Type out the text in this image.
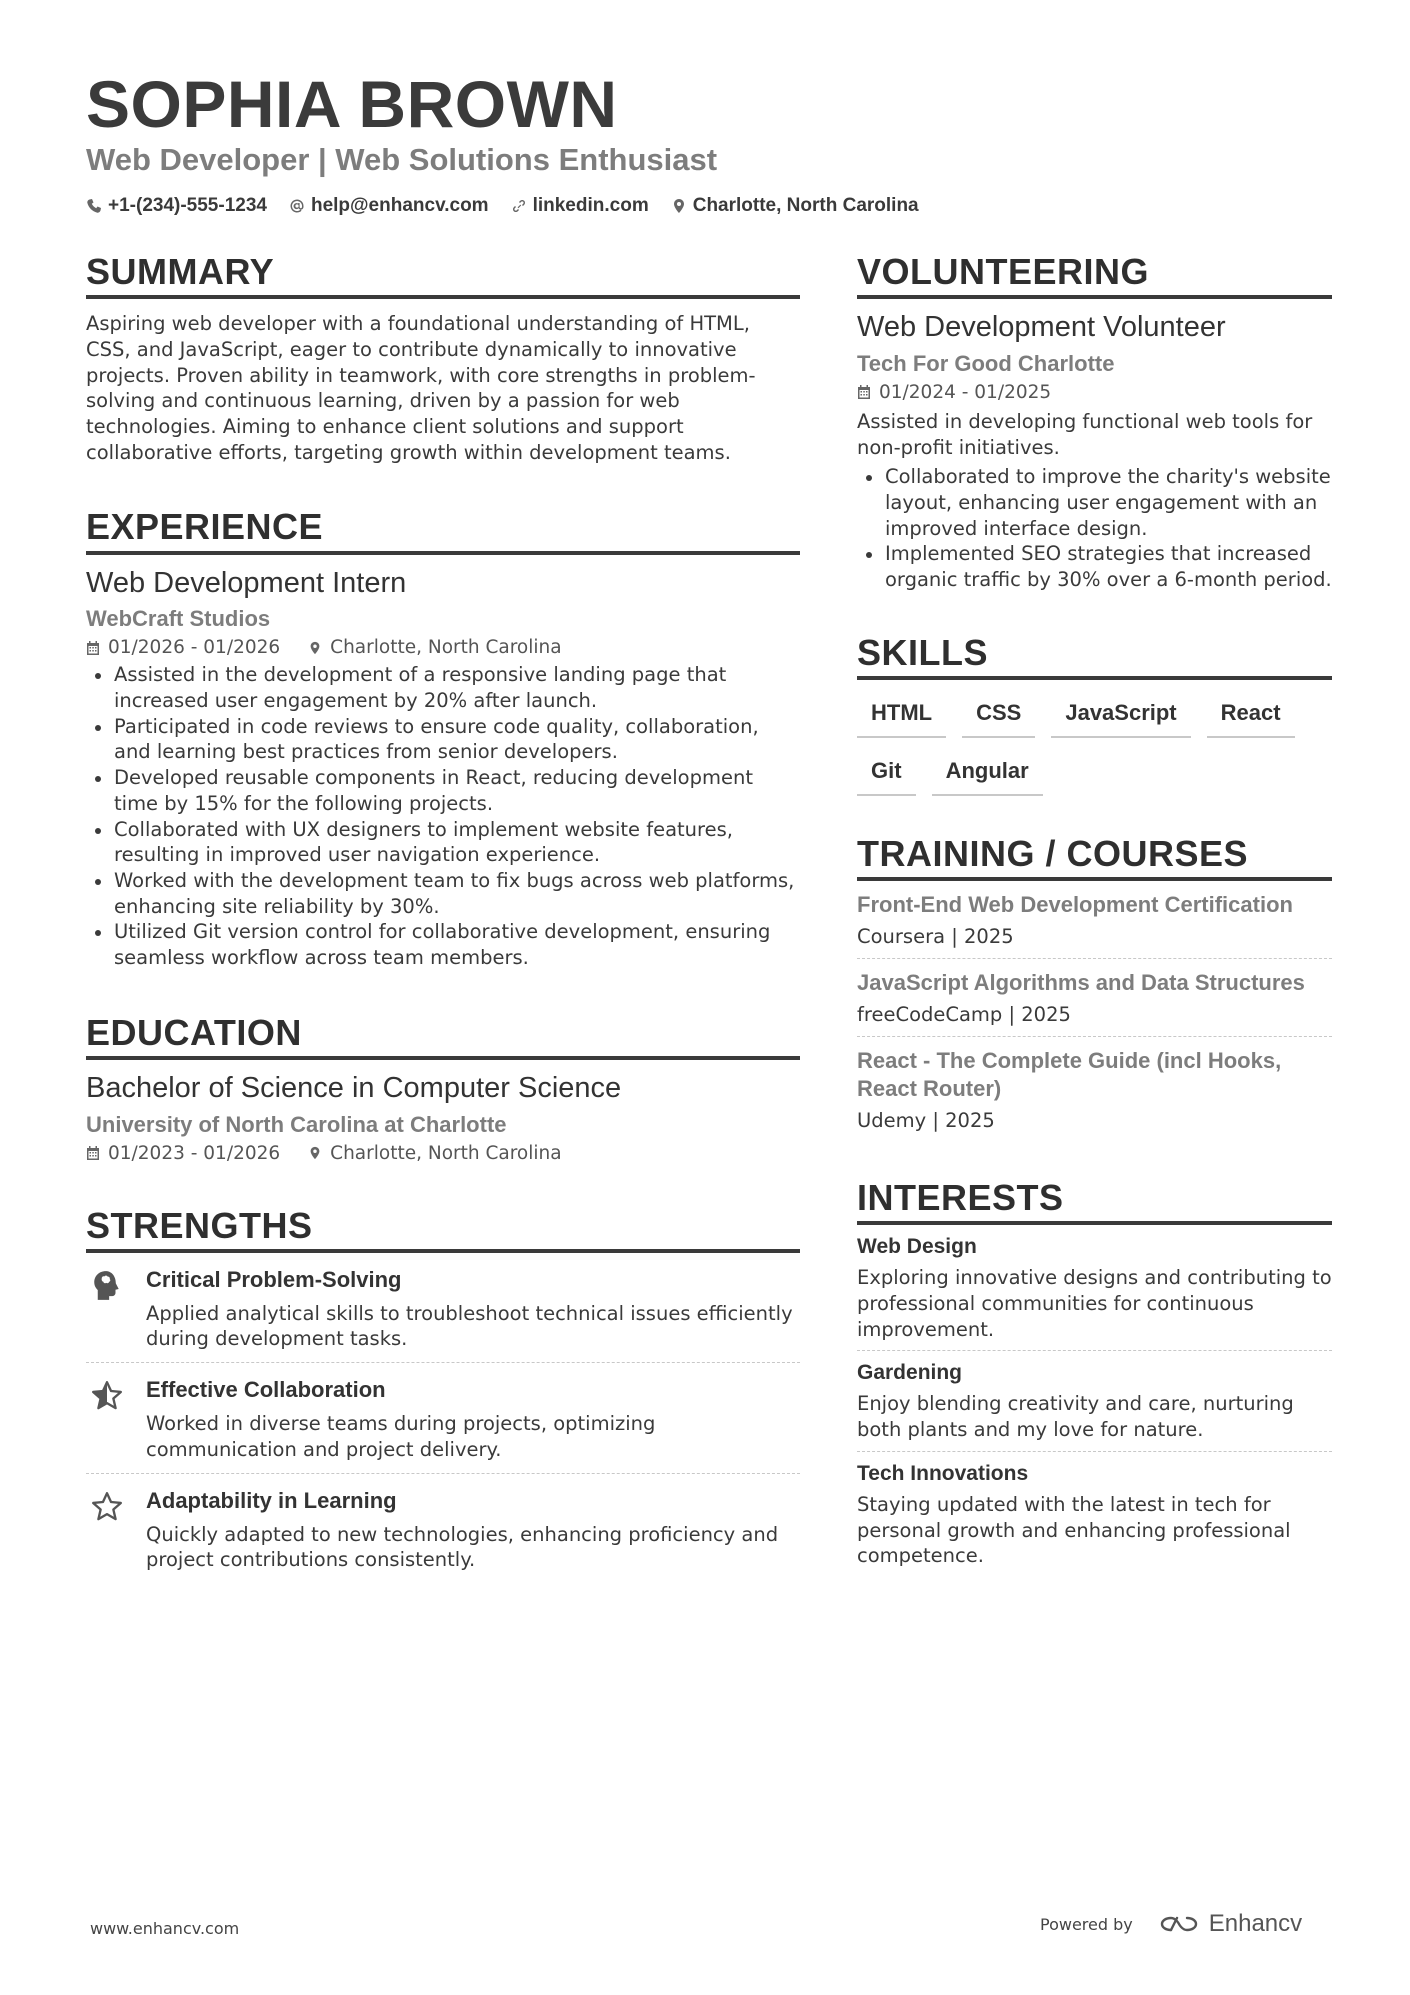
SOPHIA BROWN
Web Developer | Web Solutions Enthusiast
+1-(234)-555-1234 help@enhancv.com linkedin.com Charlotte, North Carolina
SUMMARY

Aspiring web developer with a foundational understanding of HTML, CSS, and JavaScript, eager to contribute dynamically to innovative projects. Proven ability in teamwork, with core strengths in problem-solving and continuous learning, driven by a passion for web technologies. Aiming to enhance client solutions and support collaborative efforts, targeting growth within development teams.

EXPERIENCE
Web Development Intern
WebCraft Studios
01/2026 - 01/2026	Charlotte, North Carolina
Assisted in the development of a responsive landing page that increased user engagement by 20% after launch.
Participated in code reviews to ensure code quality, collaboration, and learning best practices from senior developers.
Developed reusable components in React, reducing development time by 15% for the following projects.
Collaborated with UX designers to implement website features, resulting in improved user navigation experience.
Worked with the development team to fix bugs across web platforms, enhancing site reliability by 30%.
Utilized Git version control for collaborative development, ensuring seamless workflow across team members.
EDUCATION
Bachelor of Science in Computer Science
University of North Carolina at Charlotte
01/2023 - 01/2026	Charlotte, North Carolina
STRENGTHS
Critical Problem-Solving
Applied analytical skills to troubleshoot technical issues efficiently during development tasks.
Effective Collaboration
Worked in diverse teams during projects, optimizing communication and project delivery.
Adaptability in Learning
Quickly adapted to new technologies, enhancing proficiency and project contributions consistently.
VOLUNTEERING
Web Development Volunteer
Tech For Good Charlotte
01/2024 - 01/2025

Assisted in developing functional web tools for non-profit initiatives.

Collaborated to improve the charity's website layout, enhancing user engagement with an improved interface design.
Implemented SEO strategies that increased organic traffic by 30% over a 6-month period.
SKILLS
HTML	CSS	JavaScript	React
Git	Angular
TRAINING / COURSES
Front-End Web Development Certification
Coursera | 2025
JavaScript Algorithms and Data Structures
freeCodeCamp | 2025
React - The Complete Guide (incl Hooks, React Router)
Udemy | 2025
INTERESTS
Web Design
Exploring innovative designs and contributing to professional communities for continuous improvement.
Gardening
Enjoy blending creativity and care, nurturing both plants and my love for nature.
Tech Innovations
Staying updated with the latest in tech for personal growth and enhancing professional competence.
www.enhancv.com	Powered by	Enhancv
